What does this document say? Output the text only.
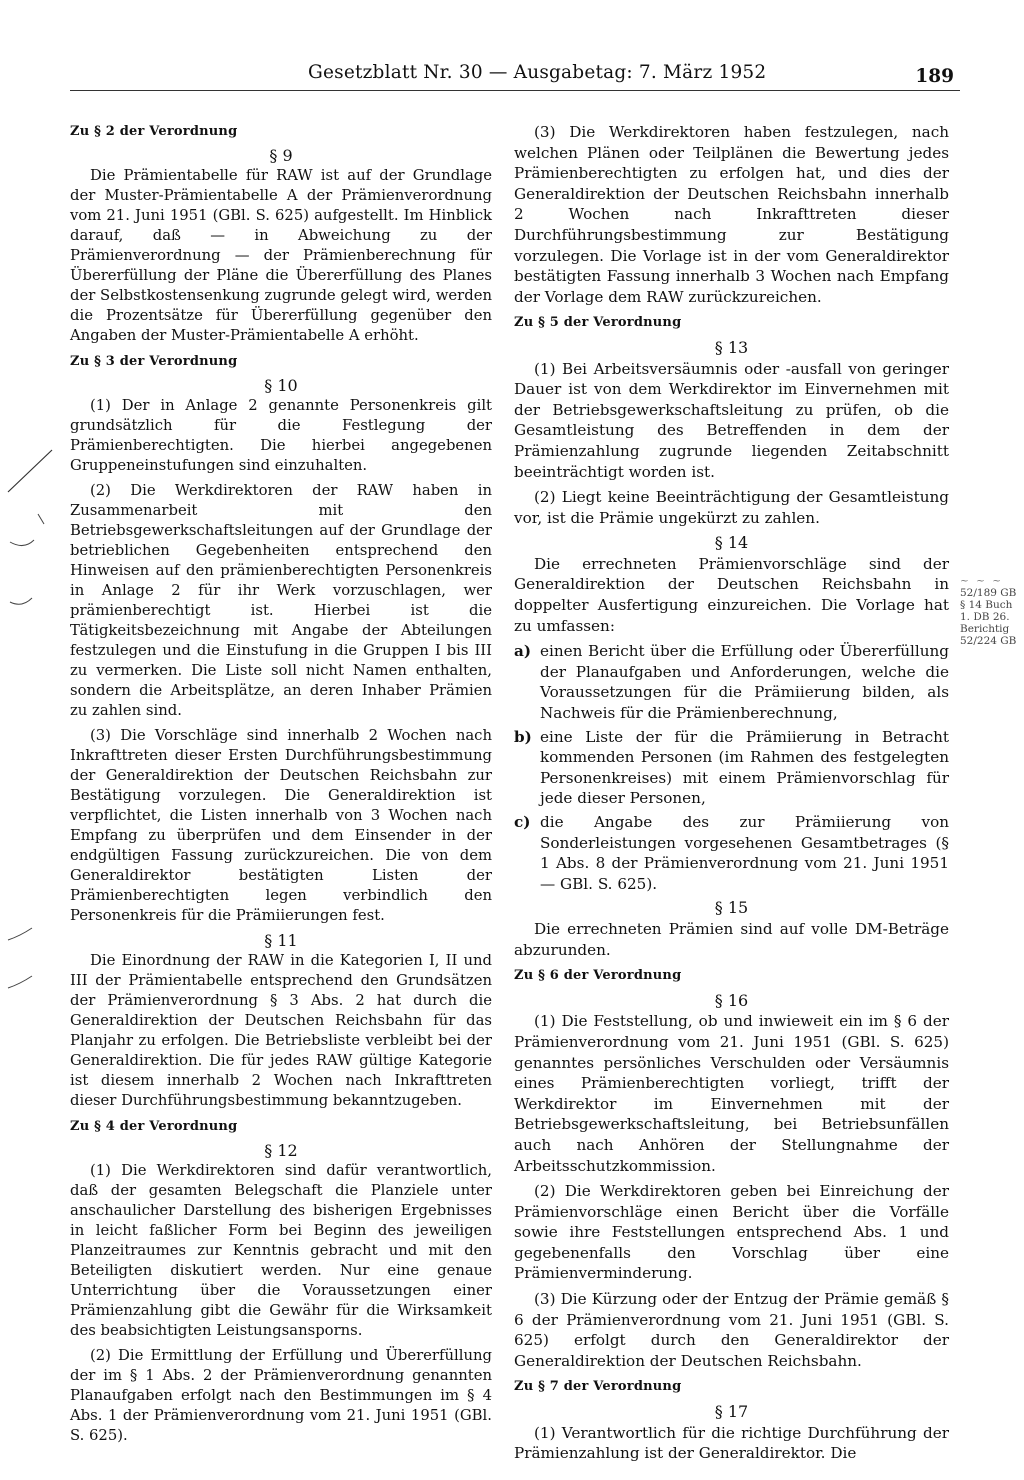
Gesetzblatt Nr. 30 — Ausgabetag: 7. März 1952	189
Zu § 2 der Verordnung
§ 9

Die Prämientabelle für RAW ist auf der Grundlage der Muster-Prämientabelle A der Prämienverordnung vom 21. Juni 1951 (GBl. S. 625) aufgestellt. Im Hinblick darauf, daß — in Abweichung zu der Prämienverordnung — der Prämienberechnung für Übererfüllung der Pläne die Übererfüllung des Planes der Selbstkostensenkung zugrunde gelegt wird, werden die Prozentsätze für Übererfüllung gegenüber den Angaben der Muster-Prämientabelle A erhöht.

Zu § 3 der Verordnung
§ 10

(1) Der in Anlage 2 genannte Personenkreis gilt grundsätzlich für die Festlegung der Prämienberechtigten. Die hierbei angegebenen Gruppeneinstufungen sind einzuhalten.

(2) Die Werkdirektoren der RAW haben in Zusammenarbeit mit den Betriebsgewerkschaftsleitungen auf der Grundlage der betrieblichen Gegebenheiten entsprechend den Hinweisen auf den prämienberechtigten Personenkreis in Anlage 2 für ihr Werk vorzuschlagen, wer prämienberechtigt ist. Hierbei ist die Tätigkeitsbezeichnung mit Angabe der Abteilungen festzulegen und die Einstufung in die Gruppen I bis III zu vermerken. Die Liste soll nicht Namen enthalten, sondern die Arbeitsplätze, an deren Inhaber Prämien zu zahlen sind.

(3) Die Vorschläge sind innerhalb 2 Wochen nach Inkrafttreten dieser Ersten Durchführungsbestimmung der Generaldirektion der Deutschen Reichsbahn zur Bestätigung vorzulegen. Die Generaldirektion ist verpflichtet, die Listen innerhalb von 3 Wochen nach Empfang zu überprüfen und dem Einsender in der endgültigen Fassung zurückzureichen. Die von dem Generaldirektor bestätigten Listen der Prämienberechtigten legen verbindlich den Personenkreis für die Prämiierungen fest.

§ 11

Die Einordnung der RAW in die Kategorien I, II und III der Prämientabelle entsprechend den Grundsätzen der Prämienverordnung § 3 Abs. 2 hat durch die Generaldirektion der Deutschen Reichsbahn für das Planjahr zu erfolgen. Die Betriebsliste verbleibt bei der Generaldirektion. Die für jedes RAW gültige Kategorie ist diesem innerhalb 2 Wochen nach Inkrafttreten dieser Durchführungsbestimmung bekanntzugeben.

Zu § 4 der Verordnung
§ 12

(1) Die Werkdirektoren sind dafür verantwortlich, daß der gesamten Belegschaft die Planziele unter anschaulicher Darstellung des bisherigen Ergebnisses in leicht faßlicher Form bei Beginn des jeweiligen Planzeitraumes zur Kenntnis gebracht und mit den Beteiligten diskutiert werden. Nur eine genaue Unterrichtung über die Voraussetzungen einer Prämienzahlung gibt die Gewähr für die Wirksamkeit des beabsichtigten Leistungsansporns.

(2) Die Ermittlung der Erfüllung und Übererfüllung der im § 1 Abs. 2 der Prämienverordnung genannten Planaufgaben erfolgt nach den Bestimmungen im § 4 Abs. 1 der Prämienverordnung vom 21. Juni 1951 (GBl. S. 625).

(3) Die Werkdirektoren haben festzulegen, nach welchen Plänen oder Teilplänen die Bewertung jedes Prämienberechtigten zu erfolgen hat, und dies der Generaldirektion der Deutschen Reichsbahn innerhalb 2 Wochen nach Inkrafttreten dieser Durchführungsbestimmung zur Bestätigung vorzulegen. Die Vorlage ist in der vom Generaldirektor bestätigten Fassung innerhalb 3 Wochen nach Empfang der Vorlage dem RAW zurückzureichen.

Zu § 5 der Verordnung
§ 13

(1) Bei Arbeitsversäumnis oder -ausfall von geringer Dauer ist von dem Werkdirektor im Einvernehmen mit der Betriebsgewerkschaftsleitung zu prüfen, ob die Gesamtleistung des Betreffenden in dem der Prämienzahlung zugrunde liegenden Zeitabschnitt beeinträchtigt worden ist.

(2) Liegt keine Beeinträchtigung der Gesamtleistung vor, ist die Prämie ungekürzt zu zahlen.

§ 14

Die errechneten Prämienvorschläge sind der Generaldirektion der Deutschen Reichsbahn in doppelter Ausfertigung einzureichen. Die Vorlage hat zu umfassen:

a) einen Bericht über die Erfüllung oder Übererfüllung der Planaufgaben und Anforderungen, welche die Voraussetzungen für die Prämiierung bilden, als Nachweis für die Prämienberechnung,
b) eine Liste der für die Prämiierung in Betracht kommenden Personen (im Rahmen des festgelegten Personenkreises) mit einem Prämienvorschlag für jede dieser Personen,
c) die Angabe des zur Prämiierung von Sonderleistungen vorgesehenen Gesamtbetrages (§ 1 Abs. 8 der Prämienverordnung vom 21. Juni 1951 — GBl. S. 625).
§ 15

Die errechneten Prämien sind auf volle DM-Beträge abzurunden.

Zu § 6 der Verordnung
§ 16

(1) Die Feststellung, ob und inwieweit ein im § 6 der Prämienverordnung vom 21. Juni 1951 (GBl. S. 625) genanntes persönliches Verschulden oder Versäumnis eines Prämienberechtigten vorliegt, trifft der Werkdirektor im Einvernehmen mit der Betriebsgewerkschaftsleitung, bei Betriebsunfällen auch nach Anhören der Stellungnahme der Arbeitsschutzkommission.

(2) Die Werkdirektoren geben bei Einreichung der Prämienvorschläge einen Bericht über die Vorfälle sowie ihre Feststellungen entsprechend Abs. 1 und gegebenenfalls den Vorschlag über eine Prämienverminderung.

(3) Die Kürzung oder der Entzug der Prämie gemäß § 6 der Prämienverordnung vom 21. Juni 1951 (GBl. S. 625) erfolgt durch den Generaldirektor der Generaldirektion der Deutschen Reichsbahn.

Zu § 7 der Verordnung
§ 17

(1) Verantwortlich für die richtige Durchführung der Prämienzahlung ist der Generaldirektor. Die

~ ~ ~
52/189 GB
§ 14 Buch
1. DB 26.
Berichtig
52/224 GB
